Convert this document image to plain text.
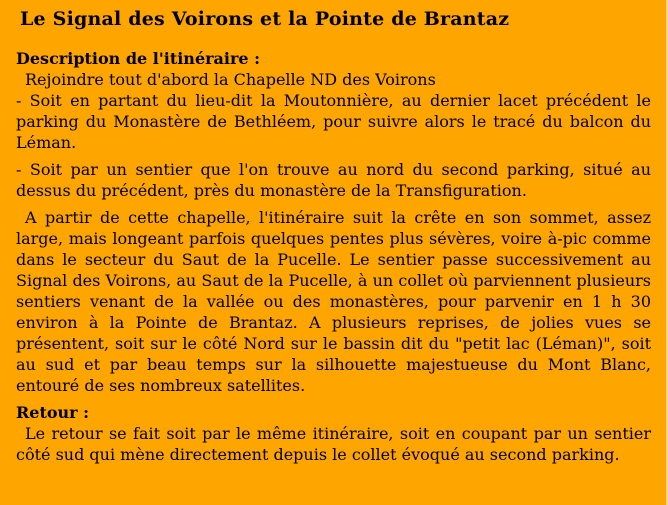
Le Signal des Voirons et la Pointe de Brantaz

Description de l'itinéraire :

Rejoindre tout d'abord la Chapelle ND des Voirons
- Soit en partant du lieu-dit la Moutonnière, au dernier lacet précédent le parking du Monastère de Bethléem, pour suivre alors le tracé du balcon du Léman.

- Soit par un sentier que l'on trouve au nord du second parking, situé au dessus du précédent, près du monastère de la Transfiguration.

A partir de cette chapelle, l'itinéraire suit la crête en son sommet, assez large, mais longeant parfois quelques pentes plus sévères, voire à-pic comme dans le secteur du Saut de la Pucelle. Le sentier passe successivement au Signal des Voirons, au Saut de la Pucelle, à un collet où parviennent plusieurs sentiers venant de la vallée ou des monastères, pour parvenir en 1 h 30 environ à la Pointe de Brantaz. A plusieurs reprises, de jolies vues se présentent, soit sur le côté Nord sur le bassin dit du "petit lac (Léman)", soit au sud et par beau temps sur la silhouette majestueuse du Mont Blanc, entouré de ses nombreux satellites.

Retour :

Le retour se fait soit par le même itinéraire, soit en coupant par un sentier côté sud qui mène directement depuis le collet évoqué au second parking.
